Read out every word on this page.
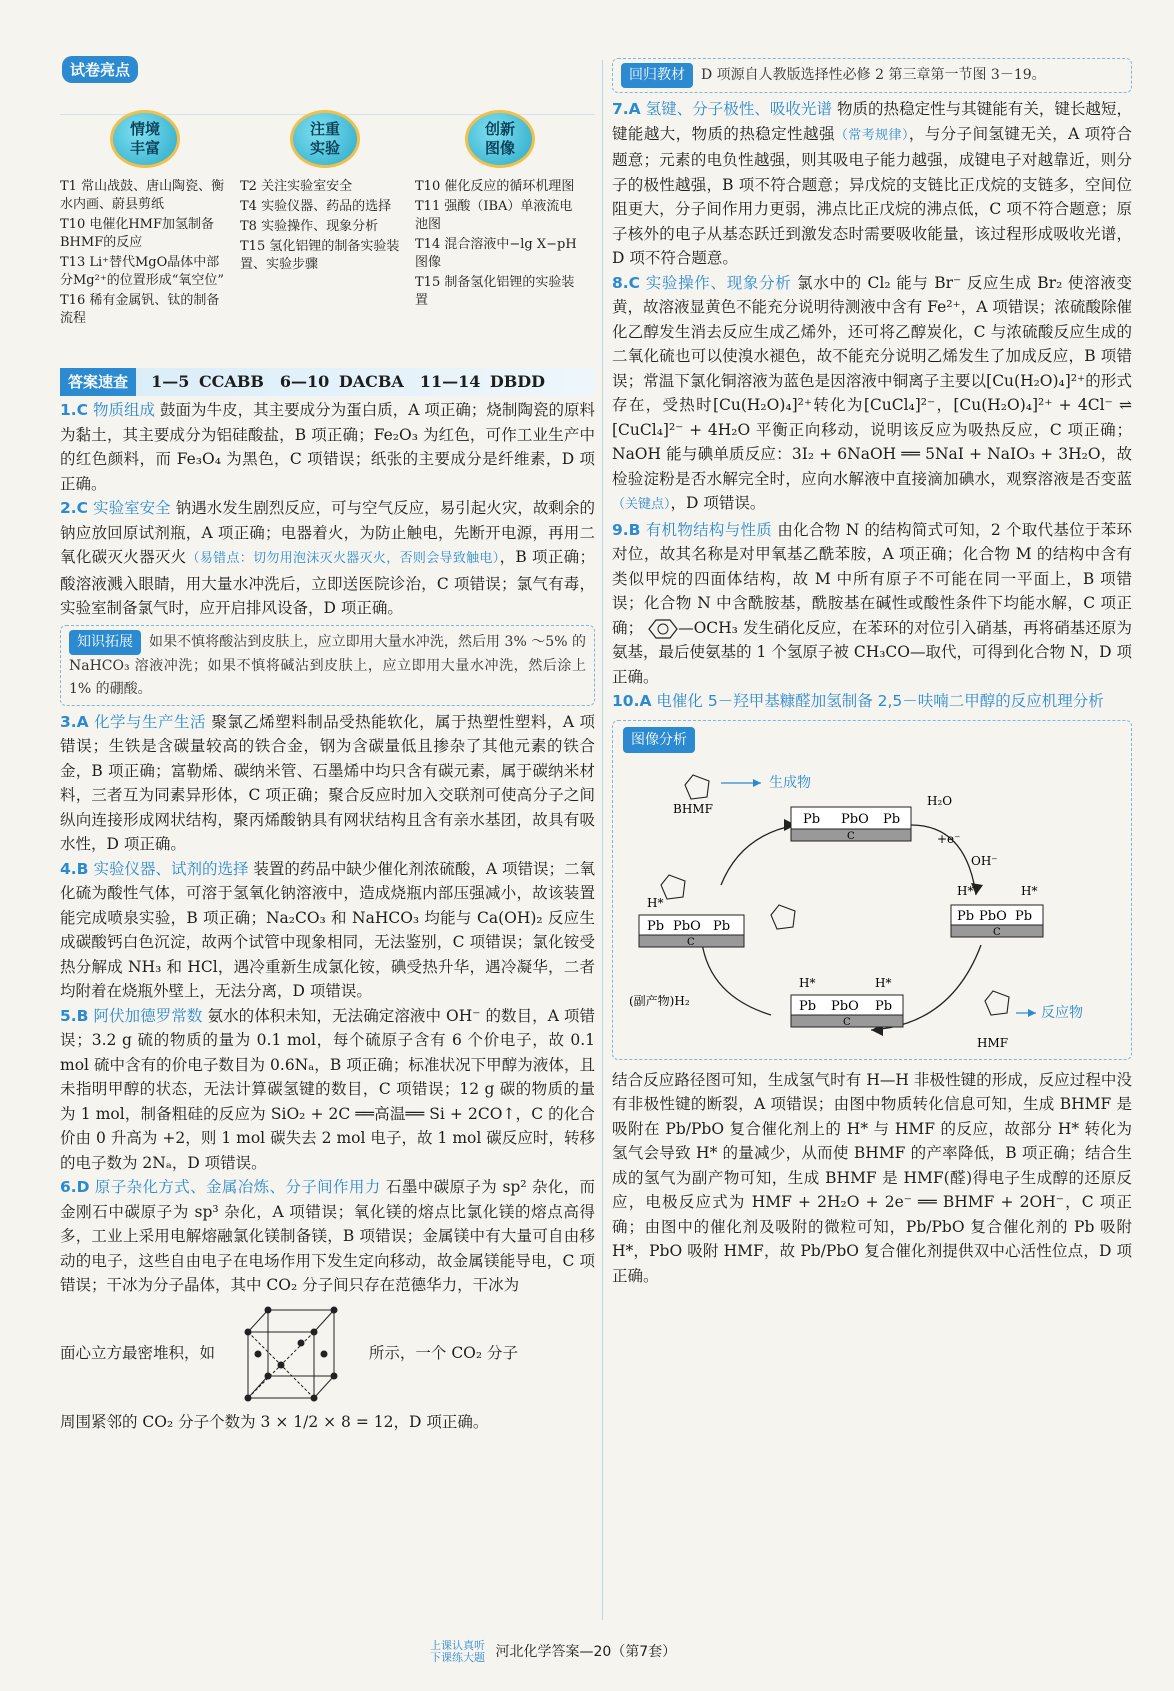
试卷亮点
情境丰富
T1 常山战鼓、唐山陶瓷、衡水内画、蔚县剪纸
T10 电催化HMF加氢制备BHMF的反应
T13 Li⁺替代MgO晶体中部分Mg²⁺的位置形成“氧空位”
T16 稀有金属钒、钛的制备流程
注重实验
T2 关注实验室安全
T4 实验仪器、药品的选择
T8 实验操作、现象分析
T15 氢化铝锂的制备实验装置、实验步骤
创新图像
T10 催化反应的循环机理图
T11 强酸（IBA）单液流电池图
T14 混合溶液中−lg X−pH图像
T15 制备氢化铝锂的实验装置
答案速查 1—5 CCABB　6—10 DACBA　11—14 DBDD

1.C 物质组成 鼓面为牛皮，其主要成分为蛋白质，A 项正确；烧制陶瓷的原料为黏土，其主要成分为铝硅酸盐，B 项正确；Fe₂O₃ 为红色，可作工业生产中的红色颜料，而 Fe₃O₄ 为黑色，C 项错误；纸张的主要成分是纤维素，D 项正确。

2.C 实验室安全 钠遇水发生剧烈反应，可与空气反应，易引起火灾，故剩余的钠应放回原试剂瓶，A 项正确；电器着火，为防止触电，先断开电源，再用二氧化碳灭火器灭火（易错点：切勿用泡沫灭火器灭火，否则会导致触电），B 项正确；酸溶液溅入眼睛，用大量水冲洗后，立即送医院诊治，C 项错误；氯气有毒，实验室制备氯气时，应开启排风设备，D 项正确。

知识拓展 如果不慎将酸沾到皮肤上，应立即用大量水冲洗，然后用 3% ～5% 的 NaHCO₃ 溶液冲洗；如果不慎将碱沾到皮肤上，应立即用大量水冲洗，然后涂上 1% 的硼酸。

3.A 化学与生产生活 聚氯乙烯塑料制品受热能软化，属于热塑性塑料，A 项错误；生铁是含碳量较高的铁合金，钢为含碳量低且掺杂了其他元素的铁合金，B 项正确；富勒烯、碳纳米管、石墨烯中均只含有碳元素，属于碳纳米材料，三者互为同素异形体，C 项正确；聚合反应时加入交联剂可使高分子之间纵向连接形成网状结构，聚丙烯酸钠具有网状结构且含有亲水基团，故具有吸水性，D 项正确。

4.B 实验仪器、试剂的选择 装置的药品中缺少催化剂浓硫酸，A 项错误；二氧化硫为酸性气体，可溶于氢氧化钠溶液中，造成烧瓶内部压强减小，故该装置能完成喷泉实验，B 项正确；Na₂CO₃ 和 NaHCO₃ 均能与 Ca(OH)₂ 反应生成碳酸钙白色沉淀，故两个试管中现象相同，无法鉴别，C 项错误；氯化铵受热分解成 NH₃ 和 HCl，遇冷重新生成氯化铵，碘受热升华，遇冷凝华，二者均附着在烧瓶外壁上，无法分离，D 项错误。

5.B 阿伏加德罗常数 氨水的体积未知，无法确定溶液中 OH⁻ 的数目，A 项错误；3.2 g 硫的物质的量为 0.1 mol，每个硫原子含有 6 个价电子，故 0.1 mol 硫中含有的价电子数目为 0.6Nₐ，B 项正确；标准状况下甲醇为液体，且未指明甲醇的状态，无法计算碳氢键的数目，C 项错误；12 g 碳的物质的量为 1 mol，制备粗硅的反应为 SiO₂ + 2C ══高温══ Si + 2CO↑，C 的化合价由 0 升高为 +2，则 1 mol 碳失去 2 mol 电子，故 1 mol 碳反应时，转移的电子数为 2Nₐ，D 项错误。

6.D 原子杂化方式、金属冶炼、分子间作用力 石墨中碳原子为 sp² 杂化，而金刚石中碳原子为 sp³ 杂化，A 项错误；氧化镁的熔点比氯化镁的熔点高得多，工业上采用电解熔融氯化镁制备镁，B 项错误；金属镁中有大量可自由移动的电子，这些自由电子在电场作用下发生定向移动，故金属镁能导电，C 项错误；干冰为分子晶体，其中 CO₂ 分子间只存在范德华力，干冰为

面心立方最密堆积，如	所示，一个 CO₂ 分子

周围紧邻的 CO₂ 分子个数为 3 × 1/2 × 8 = 12，D 项正确。

回归教材 D 项源自人教版选择性必修 2 第三章第一节图 3－19。

7.A 氢键、分子极性、吸收光谱 物质的热稳定性与其键能有关，键长越短，键能越大，物质的热稳定性越强（常考规律），与分子间氢键无关，A 项符合题意；元素的电负性越强，则其吸电子能力越强，成键电子对越靠近，则分子的极性越强，B 项不符合题意；异戊烷的支链比正戊烷的支链多，空间位阻更大，分子间作用力更弱，沸点比正戊烷的沸点低，C 项不符合题意；原子核外的电子从基态跃迁到激发态时需要吸收能量，该过程形成吸收光谱，D 项不符合题意。

8.C 实验操作、现象分析 氯水中的 Cl₂ 能与 Br⁻ 反应生成 Br₂ 使溶液变黄，故溶液显黄色不能充分说明待测液中含有 Fe²⁺，A 项错误；浓硫酸除催化乙醇发生消去反应生成乙烯外，还可将乙醇炭化，C 与浓硫酸反应生成的二氧化硫也可以使溴水褪色，故不能充分说明乙烯发生了加成反应，B 项错误；常温下氯化铜溶液为蓝色是因溶液中铜离子主要以[Cu(H₂O)₄]²⁺的形式存在，受热时[Cu(H₂O)₄]²⁺转化为[CuCl₄]²⁻，[Cu(H₂O)₄]²⁺ + 4Cl⁻ ⇌ [CuCl₄]²⁻ + 4H₂O 平衡正向移动，说明该反应为吸热反应，C 项正确；NaOH 能与碘单质反应：3I₂ + 6NaOH ══ 5NaI + NaIO₃ + 3H₂O，故检验淀粉是否水解完全时，应向水解液中直接滴加碘水，观察溶液是否变蓝（关键点），D 项错误。

9.B 有机物结构与性质 由化合物 N 的结构简式可知，2 个取代基位于苯环对位，故其名称是对甲氧基乙酰苯胺，A 项正确；化合物 M 的结构中含有类似甲烷的四面体结构，故 M 中所有原子不可能在同一平面上，B 项错误；化合物 N 中含酰胺基，酰胺基在碱性或酸性条件下均能水解，C 项正确； —OCH₃ 发生硝化反应，在苯环的对位引入硝基，再将硝基还原为氨基，最后使氨基的 1 个氢原子被 CH₃CO—取代，可得到化合物 N，D 项正确。

10.A 电催化 5－羟甲基糠醛加氢制备 2,5－呋喃二甲醇的反应机理分析

图像分析
Pb PbO Pb
C
Pb PbO Pb
C
H*
Pb PbO Pb
C
H*	H*
Pb PbO Pb
C
H*	H*
H₂O
+e⁻
OH⁻
(副产物)H₂
生成物
反应物
BHMF
HMF

结合反应路径图可知，生成氢气时有 H—H 非极性键的形成，反应过程中没有非极性键的断裂，A 项错误；由图中物质转化信息可知，生成 BHMF 是吸附在 Pb/PbO 复合催化剂上的 H* 与 HMF 的反应，故部分 H* 转化为氢气会导致 H* 的量减少，从而使 BHMF 的产率降低，B 项正确；结合生成的氢气为副产物可知，生成 BHMF 是 HMF(醛)得电子生成醇的还原反应，电极反应式为 HMF + 2H₂O + 2e⁻ ══ BHMF + 2OH⁻，C 项正确；由图中的催化剂及吸附的微粒可知，Pb/PbO 复合催化剂的 Pb 吸附 H*，PbO 吸附 HMF，故 Pb/PbO 复合催化剂提供双中心活性位点，D 项正确。

上课认真听
下课练大题 河北化学答案—20（第7套）
